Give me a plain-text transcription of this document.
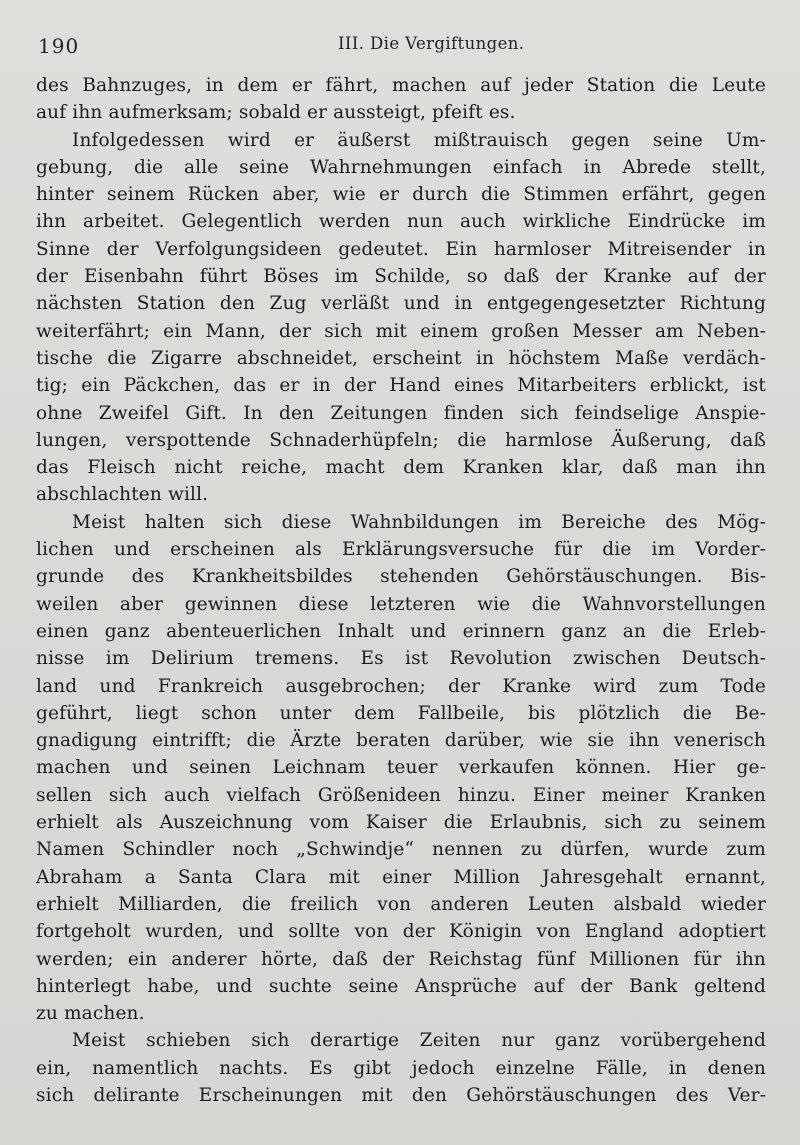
190	III. Die Vergiftungen.
des Bahnzuges, in dem er fährt, machen auf jeder Station die Leute
auf ihn aufmerksam; sobald er aussteigt, pfeift es.
Infolgedessen wird er äußerst mißtrauisch gegen seine Um-
gebung, die alle seine Wahrnehmungen einfach in Abrede stellt,
hinter seinem Rücken aber, wie er durch die Stimmen erfährt, gegen
ihn arbeitet. Gelegentlich werden nun auch wirkliche Eindrücke im
Sinne der Verfolgungsideen gedeutet. Ein harmloser Mitreisender in
der Eisenbahn führt Böses im Schilde, so daß der Kranke auf der
nächsten Station den Zug verläßt und in entgegengesetzter Richtung
weiterfährt; ein Mann, der sich mit einem großen Messer am Neben-
tische die Zigarre abschneidet, erscheint in höchstem Maße verdäch-
tig; ein Päckchen, das er in der Hand eines Mitarbeiters erblickt, ist
ohne Zweifel Gift. In den Zeitungen finden sich feindselige Anspie-
lungen, verspottende Schnaderhüpfeln; die harmlose Äußerung, daß
das Fleisch nicht reiche, macht dem Kranken klar, daß man ihn
abschlachten will.
Meist halten sich diese Wahnbildungen im Bereiche des Mög-
lichen und erscheinen als Erklärungsversuche für die im Vorder-
grunde des Krankheitsbildes stehenden Gehörstäuschungen. Bis-
weilen aber gewinnen diese letzteren wie die Wahnvorstellungen
einen ganz abenteuerlichen Inhalt und erinnern ganz an die Erleb-
nisse im Delirium tremens. Es ist Revolution zwischen Deutsch-
land und Frankreich ausgebrochen; der Kranke wird zum Tode
geführt, liegt schon unter dem Fallbeile, bis plötzlich die Be-
gnadigung eintrifft; die Ärzte beraten darüber, wie sie ihn venerisch
machen und seinen Leichnam teuer verkaufen können. Hier ge-
sellen sich auch vielfach Größenideen hinzu. Einer meiner Kranken
erhielt als Auszeichnung vom Kaiser die Erlaubnis, sich zu seinem
Namen Schindler noch „Schwindje“ nennen zu dürfen, wurde zum
Abraham a Santa Clara mit einer Million Jahresgehalt ernannt,
erhielt Milliarden, die freilich von anderen Leuten alsbald wieder
fortgeholt wurden, und sollte von der Königin von England adoptiert
werden; ein anderer hörte, daß der Reichstag fünf Millionen für ihn
hinterlegt habe, und suchte seine Ansprüche auf der Bank geltend
zu machen.
Meist schieben sich derartige Zeiten nur ganz vorübergehend
ein, namentlich nachts. Es gibt jedoch einzelne Fälle, in denen
sich delirante Erscheinungen mit den Gehörstäuschungen des Ver-
